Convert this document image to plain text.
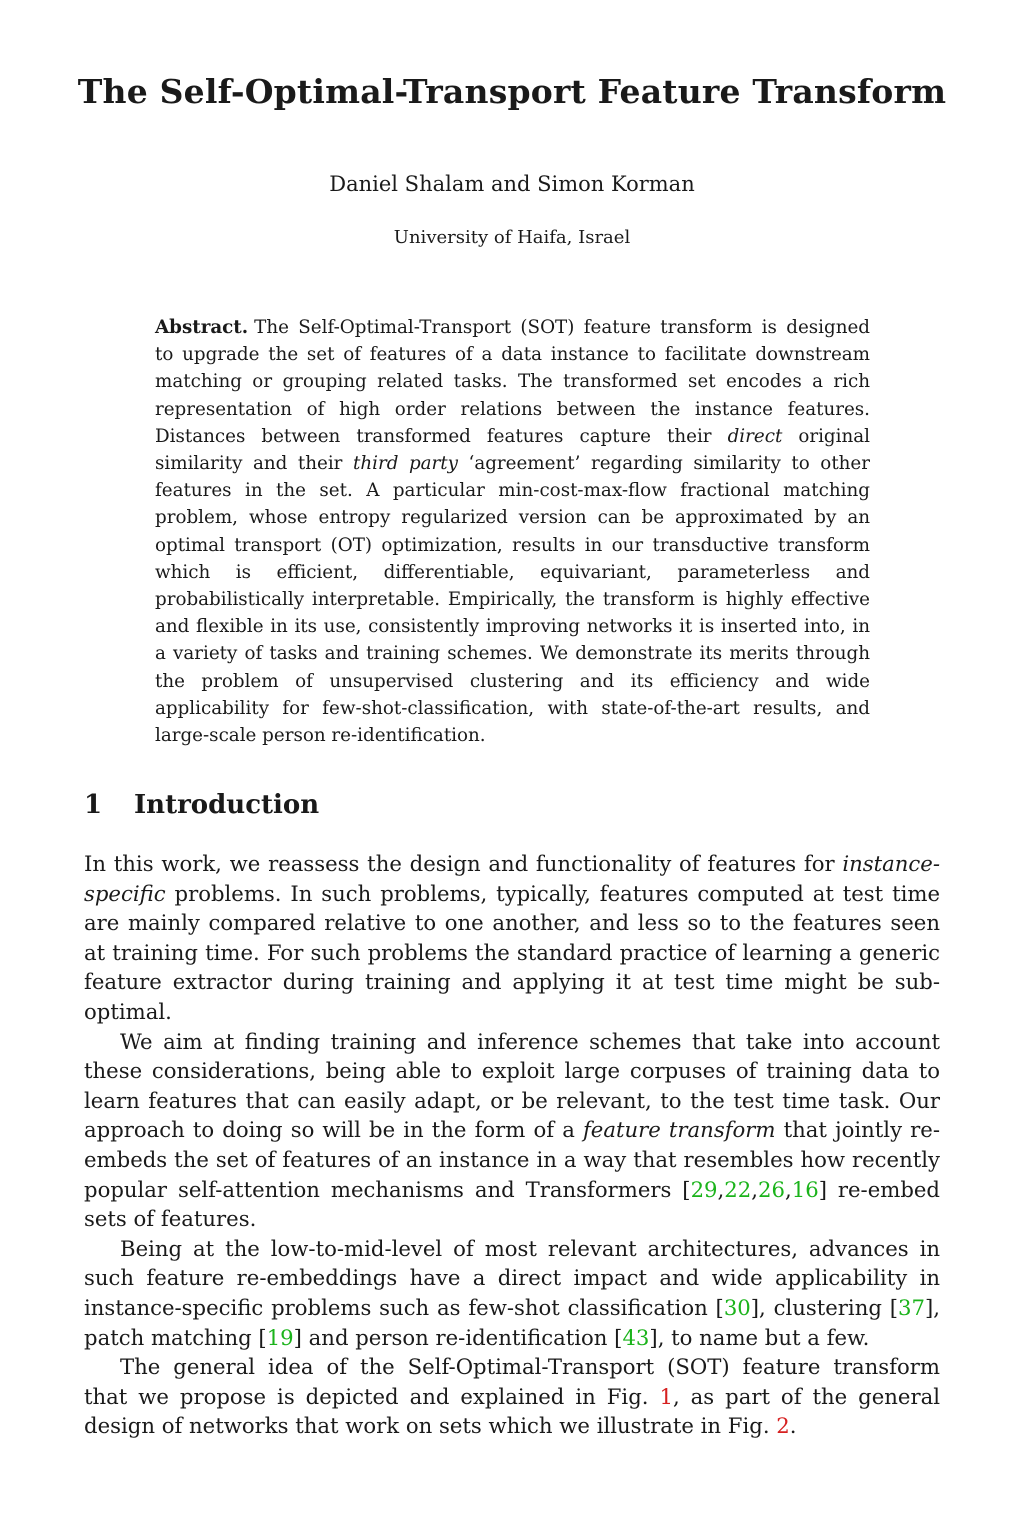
The Self-Optimal-Transport Feature Transform
Daniel Shalam and Simon Korman
University of Haifa, Israel
Abstract. The Self-Optimal-Transport (SOT) feature transform is designed to upgrade the set of features of a data instance to facilitate downstream matching or grouping related tasks. The transformed set encodes a rich representation of high order relations between the instance features. Distances between transformed features capture their direct original similarity and their third party ‘agreement’ regarding similarity to other features in the set. A particular min-cost-max-flow fractional matching problem, whose entropy regularized version can be approximated by an optimal transport (OT) optimization, results in our transductive transform which is efficient, differentiable, equivariant, parameterless and probabilistically interpretable. Empirically, the transform is highly effective and flexible in its use, consistently improving networks it is inserted into, in a variety of tasks and training schemes. We demonstrate its merits through the problem of unsupervised clustering and its efficiency and wide applicability for few-shot-classification, with state-of-the-art results, and large-scale person re-identification.
1 Introduction

In this work, we reassess the design and functionality of features for instance-specific problems. In such problems, typically, features computed at test time are mainly compared relative to one another, and less so to the features seen at training time. For such problems the standard practice of learning a generic feature extractor during training and applying it at test time might be sub-optimal.

We aim at finding training and inference schemes that take into account these considerations, being able to exploit large corpuses of training data to learn features that can easily adapt, or be relevant, to the test time task. Our approach to doing so will be in the form of a feature transform that jointly re-embeds the set of features of an instance in a way that resembles how recently popular self-attention mechanisms and Transformers [29,22,26,16] re-embed sets of features.

Being at the low-to-mid-level of most relevant architectures, advances in such feature re-embeddings have a direct impact and wide applicability in instance-specific problems such as few-shot classification [30], clustering [37], patch matching [19] and person re-identification [43], to name but a few.

The general idea of the Self-Optimal-Transport (SOT) feature transform that we propose is depicted and explained in Fig. 1, as part of the general design of networks that work on sets which we illustrate in Fig. 2.
